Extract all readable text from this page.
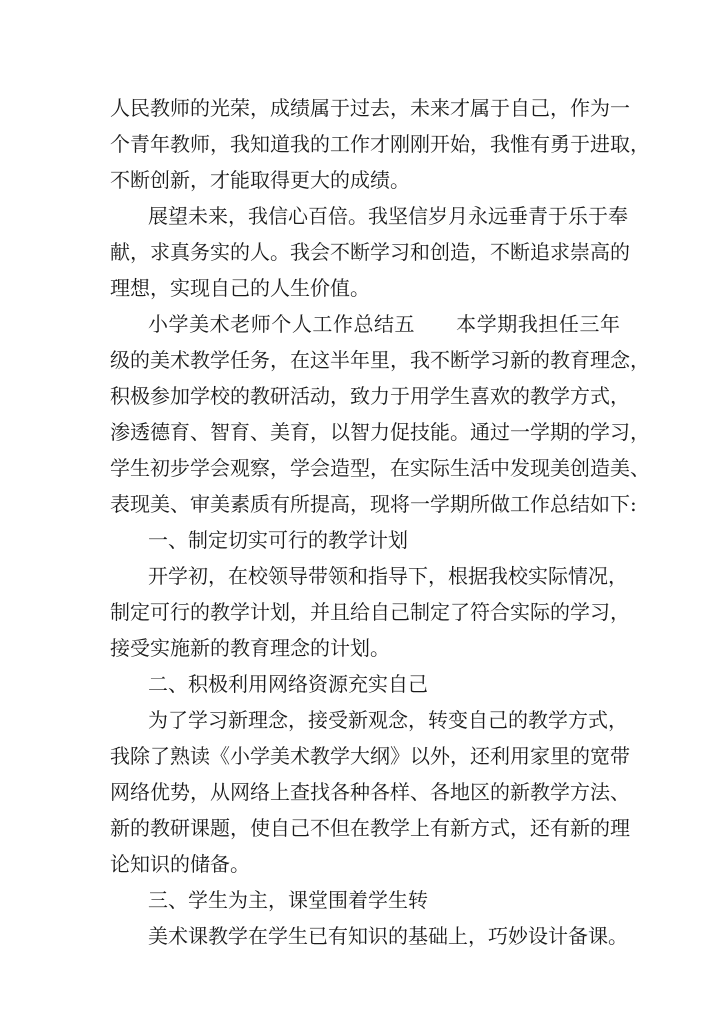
人民教师的光荣，成绩属于过去，未来才属于自己，作为一
个青年教师，我知道我的工作才刚刚开始，我惟有勇于进取，
不断创新，才能取得更大的成绩。
展望未来，我信心百倍。我坚信岁月永远垂青于乐于奉
献，求真务实的人。我会不断学习和创造，不断追求崇高的
理想，实现自己的人生价值。
小学美术老师个人工作总结五　　本学期我担任三年
级的美术教学任务，在这半年里，我不断学习新的教育理念，
积极参加学校的教研活动，致力于用学生喜欢的教学方式，
渗透德育、智育、美育，以智力促技能。通过一学期的学习，
学生初步学会观察，学会造型，在实际生活中发现美创造美、
表现美、审美素质有所提高，现将一学期所做工作总结如下:
一、制定切实可行的教学计划
开学初，在校领导带领和指导下，根据我校实际情况，
制定可行的教学计划，并且给自己制定了符合实际的学习，
接受实施新的教育理念的计划。
二、积极利用网络资源充实自己
为了学习新理念，接受新观念，转变自己的教学方式，
我除了熟读《小学美术教学大纲》以外，还利用家里的宽带
网络优势，从网络上查找各种各样、各地区的新教学方法、
新的教研课题，使自己不但在教学上有新方式，还有新的理
论知识的储备。
三、学生为主，课堂围着学生转
美术课教学在学生已有知识的基础上，巧妙设计备课。
